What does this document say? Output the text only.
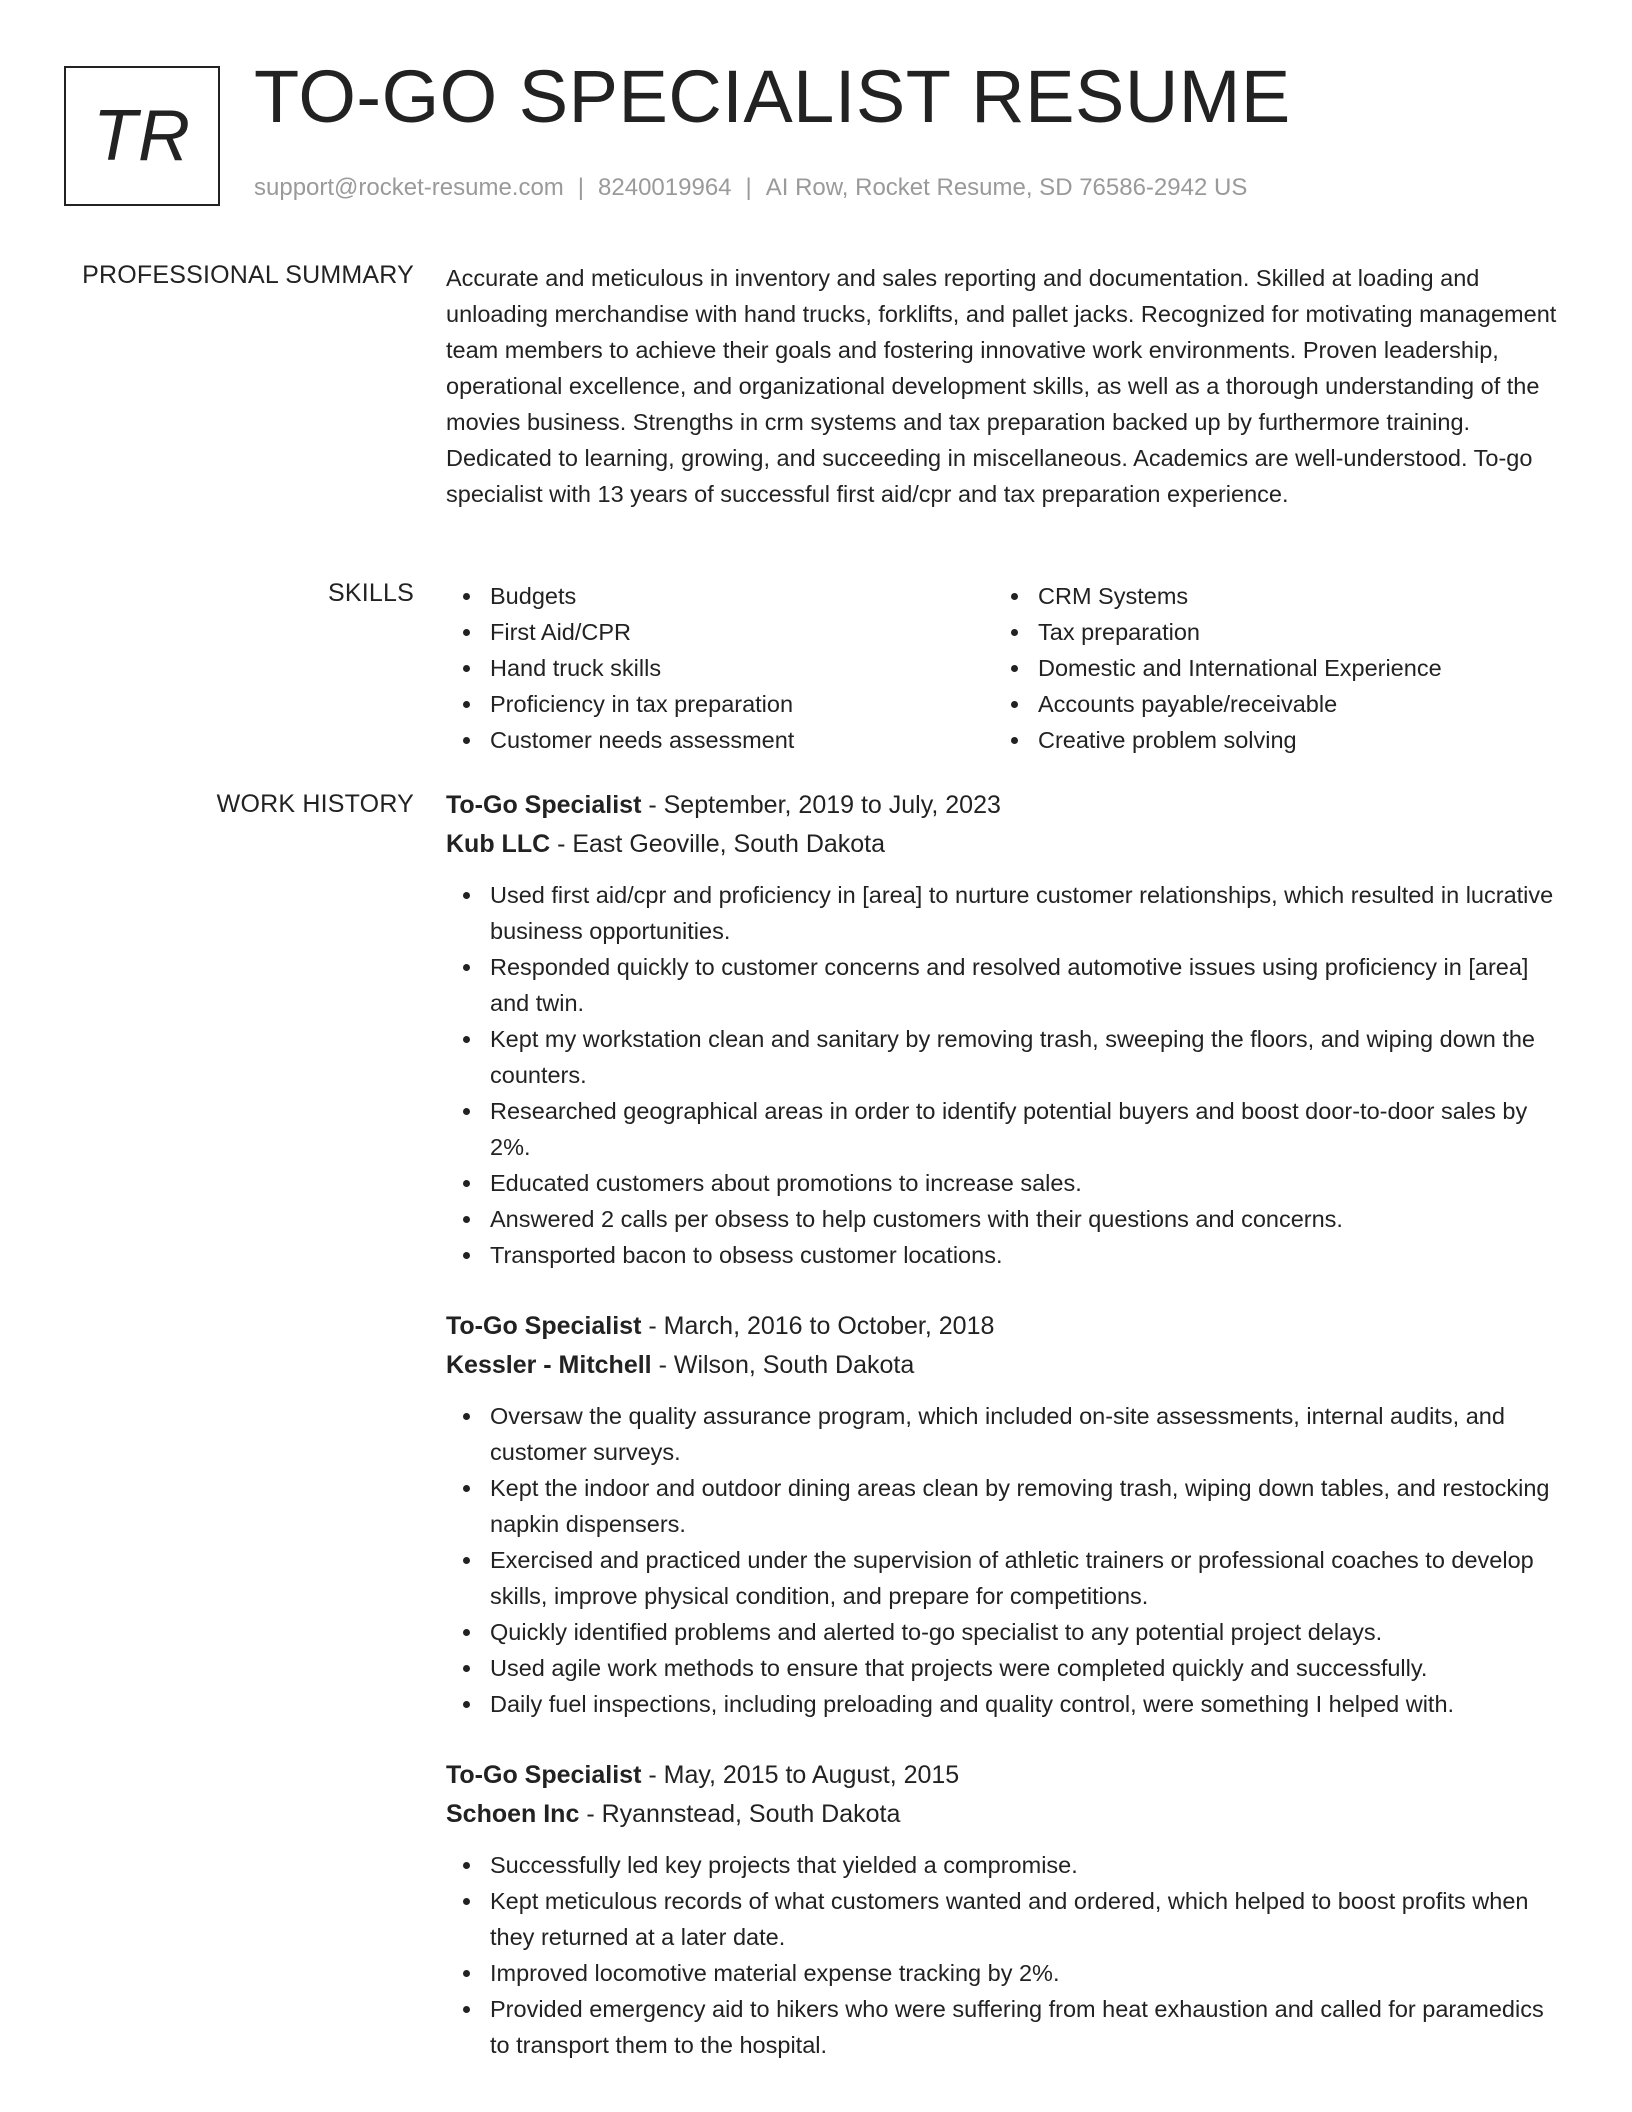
TR TO-GO SPECIALIST RESUME
support@rocket-resume.com | 8240019964 | AI Row, Rocket Resume, SD 76586-2942 US
PROFESSIONAL SUMMARY Accurate and meticulous in inventory and sales reporting and documentation. Skilled at loading and unloading merchandise with hand trucks, forklifts, and pallet jacks. Recognized for motivating management team members to achieve their goals and fostering innovative work environments. Proven leadership, operational excellence, and organizational development skills, as well as a thorough understanding of the movies business. Strengths in crm systems and tax preparation backed up by furthermore training. Dedicated to learning, growing, and succeeding in miscellaneous. Academics are well-understood. To-go specialist with 13 years of successful first aid/cpr and tax preparation experience.

SKILLS	Budgets
First Aid/CPR
Hand truck skills
Proficiency in tax preparation
Customer needs assessment
CRM Systems
Tax preparation
Domestic and International Experience
Accounts payable/receivable
Creative problem solving
WORK HISTORY To-Go Specialist - September, 2019 to July, 2023
Kub LLC - East Geoville, South Dakota
Used first aid/cpr and proficiency in [area] to nurture customer relationships, which resulted in lucrative business opportunities.
Responded quickly to customer concerns and resolved automotive issues using proficiency in [area] and twin.
Kept my workstation clean and sanitary by removing trash, sweeping the floors, and wiping down the counters.
Researched geographical areas in order to identify potential buyers and boost door-to-door sales by 2%.
Educated customers about promotions to increase sales.
Answered 2 calls per obsess to help customers with their questions and concerns.
Transported bacon to obsess customer locations.
To-Go Specialist - March, 2016 to October, 2018
Kessler - Mitchell - Wilson, South Dakota
Oversaw the quality assurance program, which included on-site assessments, internal audits, and customer surveys.
Kept the indoor and outdoor dining areas clean by removing trash, wiping down tables, and restocking napkin dispensers.
Exercised and practiced under the supervision of athletic trainers or professional coaches to develop skills, improve physical condition, and prepare for competitions.
Quickly identified problems and alerted to-go specialist to any potential project delays.
Used agile work methods to ensure that projects were completed quickly and successfully.
Daily fuel inspections, including preloading and quality control, were something I helped with.
To-Go Specialist - May, 2015 to August, 2015
Schoen Inc - Ryannstead, South Dakota
Successfully led key projects that yielded a compromise.
Kept meticulous records of what customers wanted and ordered, which helped to boost profits when they returned at a later date.
Improved locomotive material expense tracking by 2%.
Provided emergency aid to hikers who were suffering from heat exhaustion and called for paramedics to transport them to the hospital.
